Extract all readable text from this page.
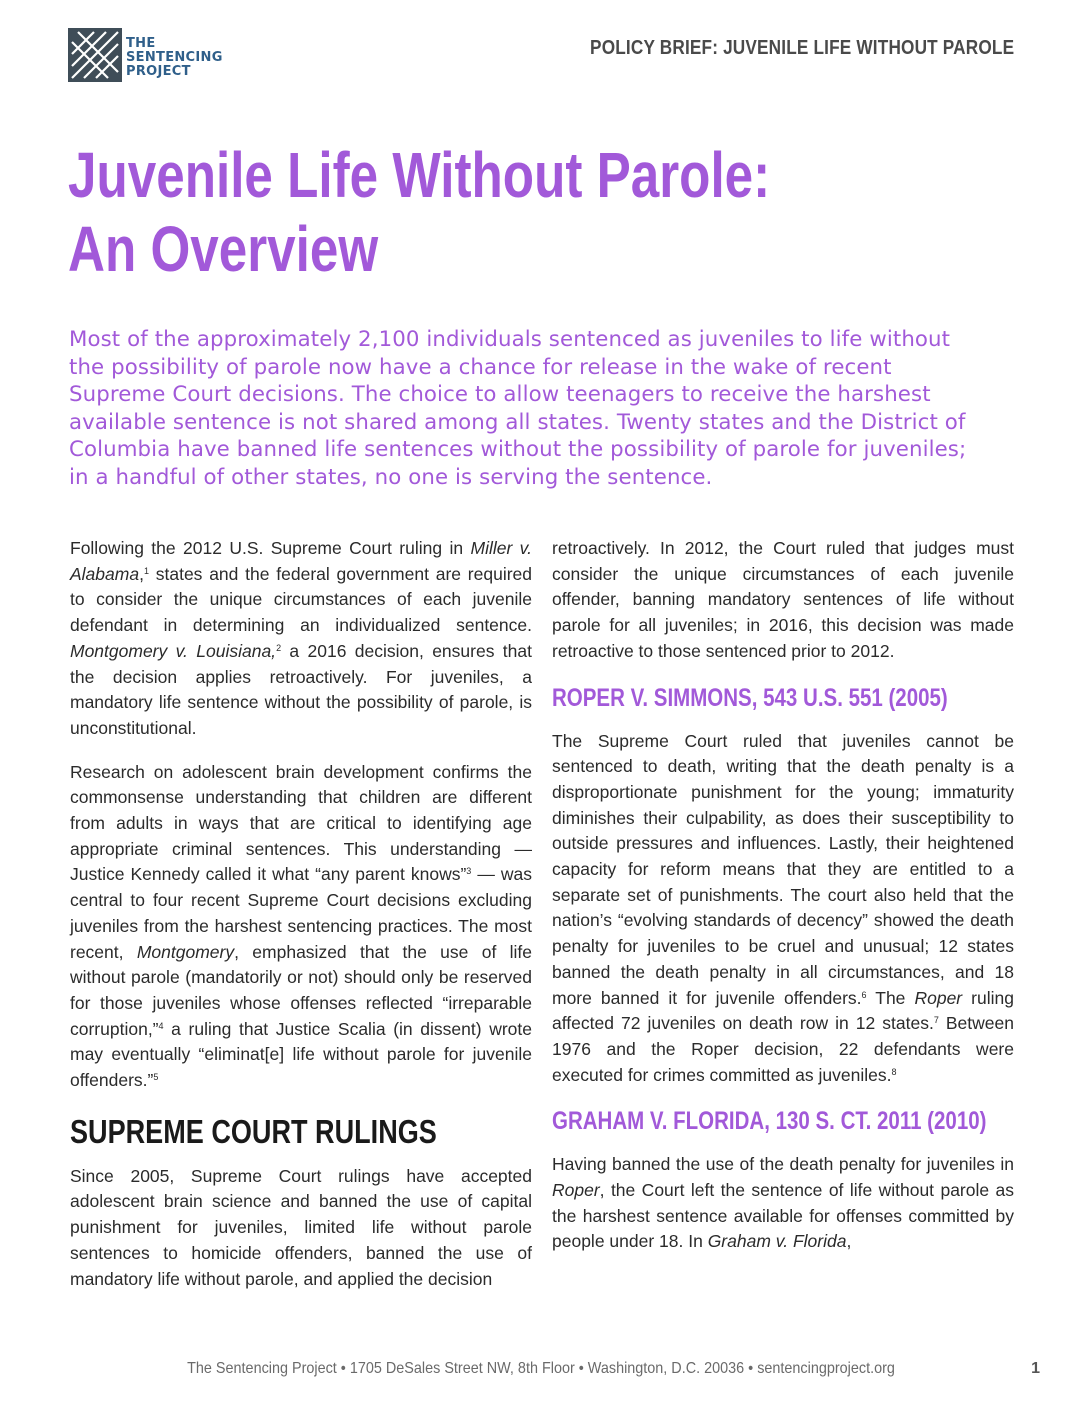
THE
SENTENCING
PROJECT
POLICY BRIEF: JUVENILE LIFE WITHOUT PAROLE
Juvenile Life Without Parole:
An Overview
Most of the approximately 2,100 individuals sentenced as juveniles to life without
the possibility of parole now have a chance for release in the wake of recent
Supreme Court decisions. The choice to allow teenagers to receive the harshest
available sentence is not shared among all states. Twenty states and the District of
Columbia have banned life sentences without the possibility of parole for juveniles;
in a handful of other states, no one is serving the sentence.

Following the 2012 U.S. Supreme Court ruling in Miller v. Alabama,$^1$ states and the federal government are required to consider the unique circumstances of each juvenile defendant in determining an individualized sentence. Montgomery v. Louisiana,$^2$ a 2016 decision, ensures that the decision applies retroactively. For juveniles, a mandatory life sentence without the possibility of parole, is unconstitutional.

Research on adolescent brain development confirms the commonsense understanding that children are different from adults in ways that are critical to identifying age appropriate criminal sentences. This understanding — Justice Kennedy called it what “any parent knows”$^3$ — was central to four recent Supreme Court decisions excluding juveniles from the harshest sentencing practices. The most recent, Montgomery, emphasized that the use of life without parole (mandatorily or not) should only be reserved for those juveniles whose offenses reflected “irreparable corruption,”$^4$ a ruling that Justice Scalia (in dissent) wrote may eventually “eliminat[e] life without parole for juvenile offenders.”$^5$

SUPREME COURT RULINGS

Since 2005, Supreme Court rulings have accepted adolescent brain science and banned the use of capital punishment for juveniles, limited life without parole sentences to homicide offenders, banned the use of mandatory life without parole, and applied the decision

retroactively. In 2012, the Court ruled that judges must consider the unique circumstances of each juvenile offender, banning mandatory sentences of life without parole for all juveniles; in 2016, this decision was made retroactive to those sentenced prior to 2012.

ROPER V. SIMMONS, 543 U.S. 551 (2005)

The Supreme Court ruled that juveniles cannot be sentenced to death, writing that the death penalty is a disproportionate punishment for the young; immaturity diminishes their culpability, as does their susceptibility to outside pressures and influences. Lastly, their heightened capacity for reform means that they are entitled to a separate set of punishments. The court also held that the nation’s “evolving standards of decency” showed the death penalty for juveniles to be cruel and unusual; 12 states banned the death penalty in all circumstances, and 18 more banned it for juvenile offenders.$^6$ The Roper ruling affected 72 juveniles on death row in 12 states.$^7$ Between 1976 and the Roper decision, 22 defendants were executed for crimes committed as juveniles.$^8$

GRAHAM V. FLORIDA, 130 S. CT. 2011 (2010)

Having banned the use of the death penalty for juveniles in Roper, the Court left the sentence of life without parole as the harshest sentence available for offenses committed by people under 18. In Graham v. Florida,

The Sentencing Project • 1705 DeSales Street NW, 8th Floor • Washington, D.C. 20036 • sentencingproject.org	1
